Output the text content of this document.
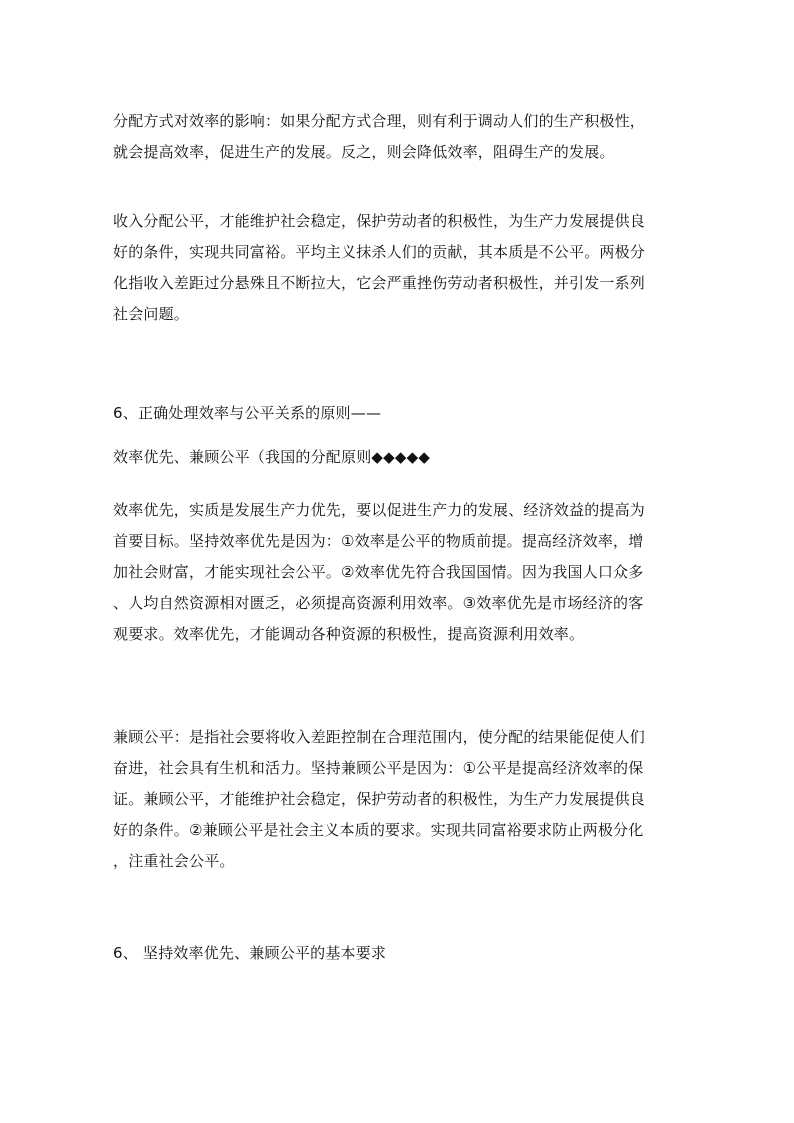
分配方式对效率的影响：如果分配方式合理，则有利于调动人们的生产积极性，
就会提高效率，促进生产的发展。反之，则会降低效率，阻碍生产的发展。
收入分配公平，才能维护社会稳定，保护劳动者的积极性，为生产力发展提供良
好的条件，实现共同富裕。平均主义抹杀人们的贡献，其本质是不公平。两极分
化指收入差距过分悬殊且不断拉大，它会严重挫伤劳动者积极性，并引发一系列
社会问题。
6、正确处理效率与公平关系的原则——
效率优先、兼顾公平（我国的分配原则◆◆◆◆◆
效率优先，实质是发展生产力优先，要以促进生产力的发展、经济效益的提高为
首要目标。坚持效率优先是因为：①效率是公平的物质前提。提高经济效率，增
加社会财富，才能实现社会公平。②效率优先符合我国国情。因为我国人口众多
、人均自然资源相对匮乏，必须提高资源利用效率。③效率优先是市场经济的客
观要求。效率优先，才能调动各种资源的积极性，提高资源利用效率。
兼顾公平：是指社会要将收入差距控制在合理范围内，使分配的结果能促使人们
奋进，社会具有生机和活力。坚持兼顾公平是因为：①公平是提高经济效率的保
证。兼顾公平，才能维护社会稳定，保护劳动者的积极性，为生产力发展提供良
好的条件。②兼顾公平是社会主义本质的要求。实现共同富裕要求防止两极分化
，注重社会公平。
6、 坚持效率优先、兼顾公平的基本要求
